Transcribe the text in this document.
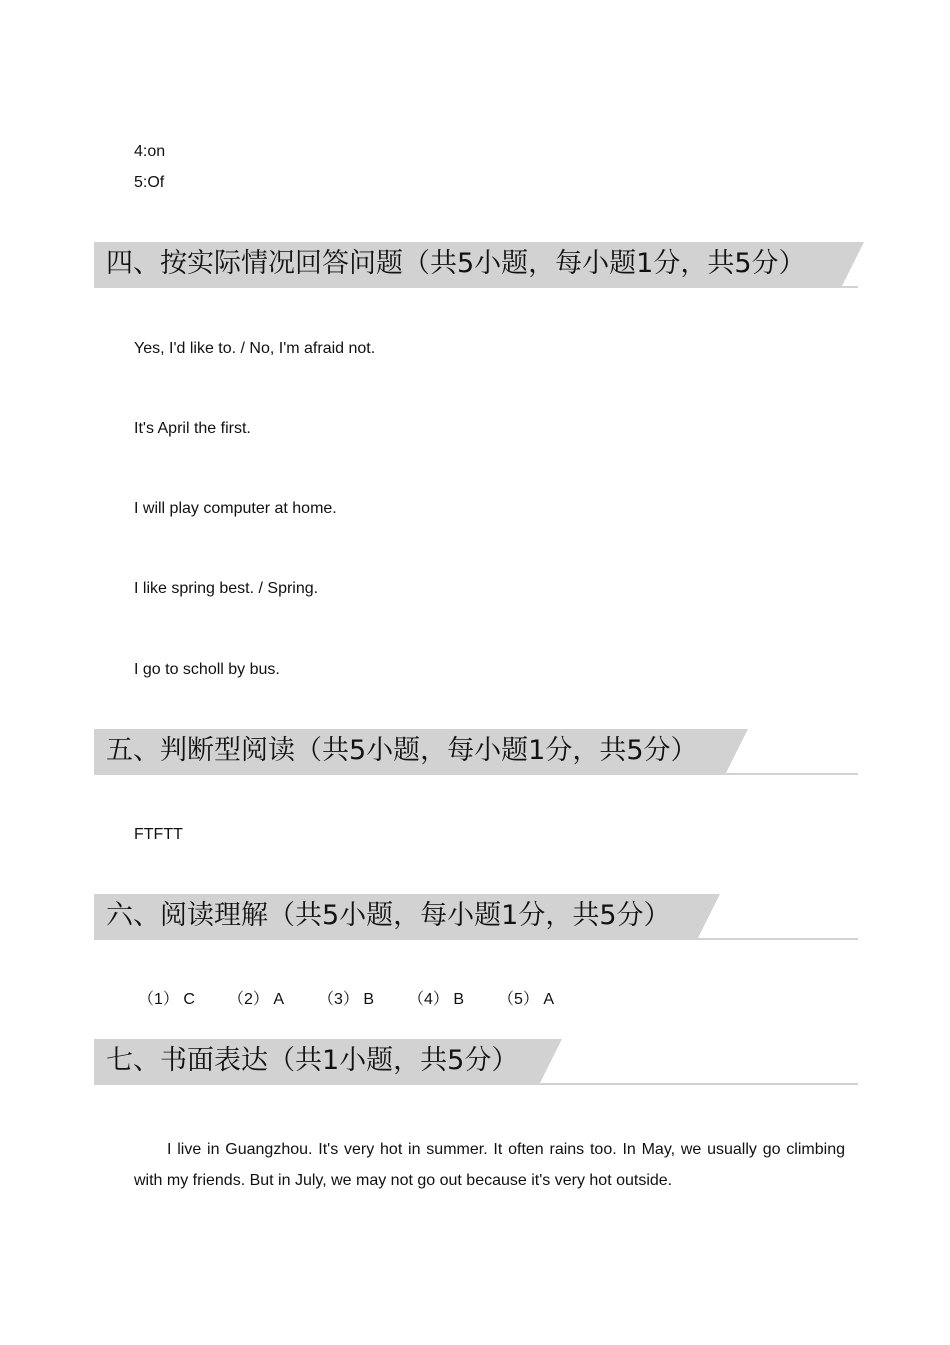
4:on
5:Of
四、按实际情况回答问题（共5小题，每小题1分，共5分）
Yes, I'd like to. / No, I'm afraid not.
It's April the first.
I will play computer at home.
I like spring best. / Spring.
I go to scholl by bus.
五、判断型阅读（共5小题，每小题1分，共5分）
FTFTT
六、阅读理解（共5小题，每小题1分，共5分）
（1） C （2） A （3） B （4） B （5） A
七、书面表达（共1小题，共5分）
I live in Guangzhou. It's very hot in summer. It often rains too. In May, we usually go climbing with my friends. But in July, we may not go out because it's very hot outside.
